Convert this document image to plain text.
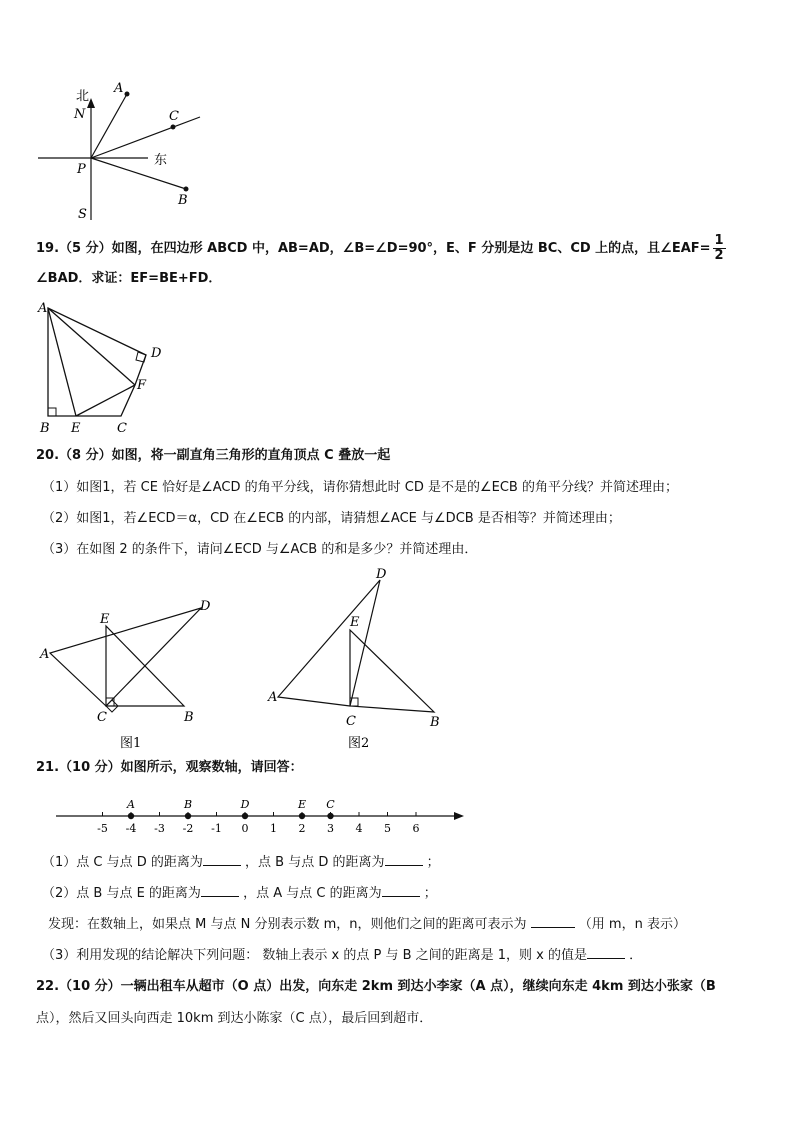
北
N
东
P
S
A
C
B
19.（5 分）如图，在四边形 ABCD 中，AB=AD，∠B=∠D=90°，E、F 分别是边 BC、CD 上的点，且∠EAF= $\frac{1}{2}$
∠BAD．求证：EF=BE+FD．
A
B E	C
F
D
20.（8 分）如图，将一副直角三角形的直角顶点 C 叠放一起
（1）如图1，若 CE 恰好是∠ACD 的角平分线，请你猜想此时 CD 是不是的∠ECB 的角平分线？并简述理由；
（2）如图1，若∠ECD＝α，CD 在∠ECB 的内部，请猜想∠ACE 与∠DCB 是否相等？并简述理由；
（3）在如图 2 的条件下，请问∠ECD 与∠ACB 的和是多少？并简述理由．
A
B
C
D
E
图1
A
B
C
D
E
图2
21.（10 分）如图所示，观察数轴，请回答：
-5 -4 -3 -2 -1 0 1 2 3 4 5 6
A	B	D	E C
（1）点 C 与点 D 的距离为	，点 B 与点 D 的距离为	；
（2）点 B 与点 E 的距离为	，点 A 与点 C 的距离为	；
发现：在数轴上，如果点 M 与点 N 分别表示数 m，n，则他们之间的距离可表示为	（用 m，n 表示）
（3）利用发现的结论解决下列问题： 数轴上表示 x 的点 P 与 B 之间的距离是 1，则 x 的值是	．
22.（10 分）一辆出租车从超市（O 点）出发，向东走 2km 到达小李家（A 点），继续向东走 4km 到达小张家（B
点），然后又回头向西走 10km 到达小陈家（C 点），最后回到超市．
